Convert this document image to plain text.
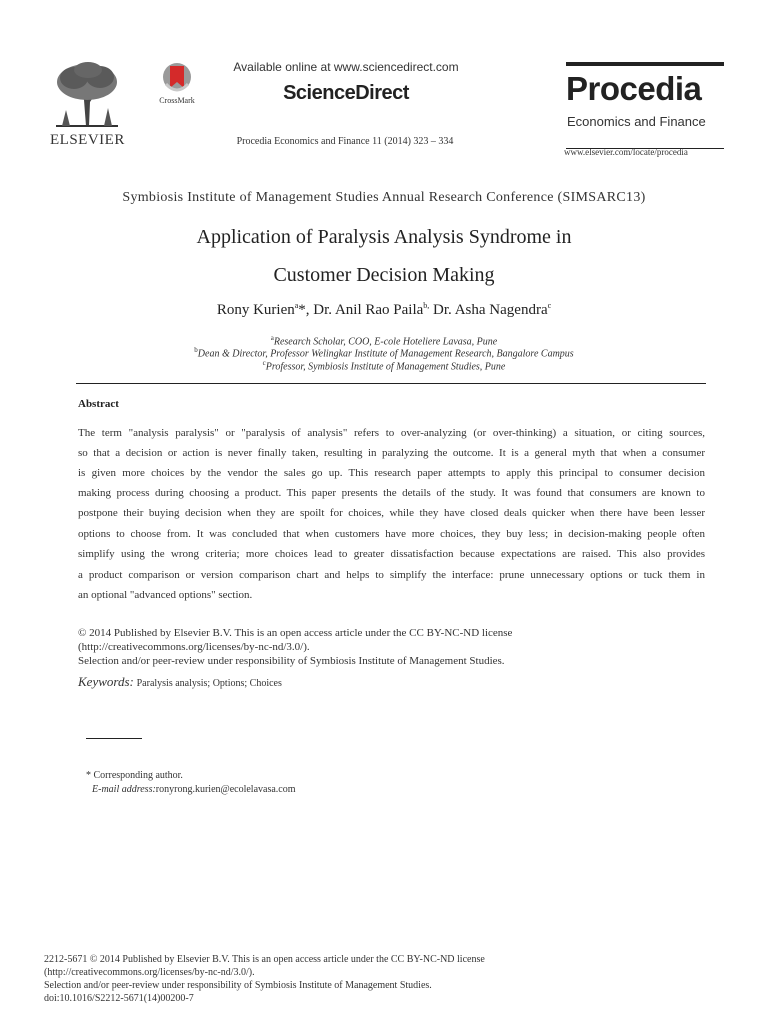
ELSEVIER
CrossMark
Available online at www.sciencedirect.com
ScienceDirect
Procedia Economics and Finance 11 (2014) 323 – 334
Procedia
Economics and Finance
www.elsevier.com/locate/procedia
Symbiosis Institute of Management Studies Annual Research Conference (SIMSARC13)
Application of Paralysis Analysis Syndrome in
Customer Decision Making
Rony Kurien$^a$*, Dr. Anil Rao Paila$^{b,}$ Dr. Asha Nagendra$^c$
$^a$Research Scholar, COO, E-cole Hoteliere Lavasa, Pune
$^b$Dean & Director, Professor Welingkar Institute of Management Research, Bangalore Campus
$^c$Professor, Symbiosis Institute of Management Studies, Pune
Abstract
The term "analysis paralysis" or "paralysis of analysis" refers to over-analyzing (or over-thinking) a situation, or citing sources,
so that a decision or action is never finally taken, resulting in paralyzing the outcome. It is a general myth that when a consumer
is given more choices by the vendor the sales go up. This research paper attempts to apply this principal to consumer decision
making process during choosing a product. This paper presents the details of the study. It was found that consumers are known to
postpone their buying decision when they are spoilt for choices, while they have closed deals quicker when there have been lesser
options to choose from. It was concluded that when customers have more choices, they buy less; in decision-making people often
simplify using the wrong criteria; more choices lead to greater dissatisfaction because expectations are raised. This also provides
a product comparison or version comparison chart and helps to simplify the interface: prune unnecessary options or tuck them in
an optional "advanced options" section.
© 2014 Published by Elsevier B.V. This is an open access article under the CC BY-NC-ND license
(http://creativecommons.org/licenses/by-nc-nd/3.0/).
Selection and/or peer-review under responsibility of Symbiosis Institute of Management Studies.
Keywords: Paralysis analysis; Options; Choices
* Corresponding author.
E-mail address:ronyrong.kurien@ecolelavasa.com
2212-5671 © 2014 Published by Elsevier B.V. This is an open access article under the CC BY-NC-ND license
(http://creativecommons.org/licenses/by-nc-nd/3.0/).
Selection and/or peer-review under responsibility of Symbiosis Institute of Management Studies.
doi:10.1016/S2212-5671(14)00200-7
